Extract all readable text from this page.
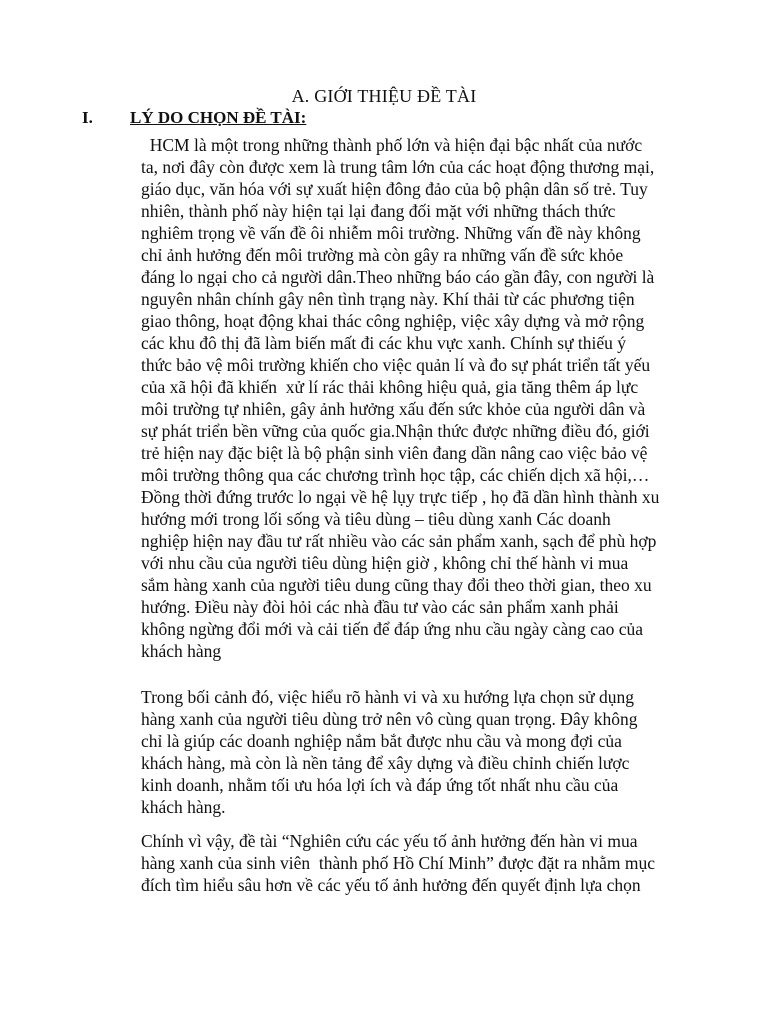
A. GIỚI THIỆU ĐỀ TÀI
I. LÝ DO CHỌN ĐỀ TÀI:
HCM là một trong những thành phố lớn và hiện đại bậc nhất của nước
ta, nơi đây còn được xem là trung tâm lớn của các hoạt động thương mại,
giáo dục, văn hóa với sự xuất hiện đông đảo của bộ phận dân số trẻ. Tuy
nhiên, thành phố này hiện tại lại đang đối mặt với những thách thức
nghiêm trọng về vấn đề ôi nhiễm môi trường. Những vấn đề này không
chỉ ảnh hưởng đến môi trường mà còn gây ra những vấn đề sức khỏe
đáng lo ngại cho cả người dân.Theo những báo cáo gần đây, con người là
nguyên nhân chính gây nên tình trạng này. Khí thải từ các phương tiện
giao thông, hoạt động khai thác công nghiệp, việc xây dựng và mở rộng
các khu đô thị đã làm biến mất đi các khu vực xanh. Chính sự thiếu ý
thức bảo vệ môi trường khiến cho việc quản lí và đo sự phát triển tất yếu
của xã hội đã khiến  xử lí rác thải không hiệu quả, gia tăng thêm áp lực
môi trường tự nhiên, gây ảnh hưởng xấu đến sức khỏe của người dân và
sự phát triển bền vững của quốc gia.Nhận thức được những điều đó, giới
trẻ hiện nay đặc biệt là bộ phận sinh viên đang dần nâng cao việc bảo vệ
môi trường thông qua các chương trình học tập, các chiến dịch xã hội,…
Đồng thời đứng trước lo ngại về hệ lụy trực tiếp , họ đã dần hình thành xu
hướng mới trong lối sống và tiêu dùng – tiêu dùng xanh Các doanh
nghiệp hiện nay đầu tư rất nhiều vào các sản phẩm xanh, sạch để phù hợp
với nhu cầu của người tiêu dùng hiện giờ , không chỉ thế hành vi mua
sắm hàng xanh của người tiêu dung cũng thay đổi theo thời gian, theo xu
hướng. Điều này đòi hỏi các nhà đầu tư vào các sản phẩm xanh phải
không ngừng đổi mới và cải tiến để đáp ứng nhu cầu ngày càng cao của
khách hàng
Trong bối cảnh đó, việc hiểu rõ hành vi và xu hướng lựa chọn sử dụng
hàng xanh của người tiêu dùng trở nên vô cùng quan trọng. Đây không
chỉ là giúp các doanh nghiệp nắm bắt được nhu cầu và mong đợi của
khách hàng, mà còn là nền tảng để xây dựng và điều chỉnh chiến lược
kinh doanh, nhằm tối ưu hóa lợi ích và đáp ứng tốt nhất nhu cầu của
khách hàng.
Chính vì vậy, đề tài “Nghiên cứu các yếu tố ảnh hưởng đến hàn vi mua
hàng xanh của sinh viên  thành phố Hồ Chí Minh” được đặt ra nhằm mục
đích tìm hiểu sâu hơn về các yếu tố ảnh hưởng đến quyết định lựa chọn
